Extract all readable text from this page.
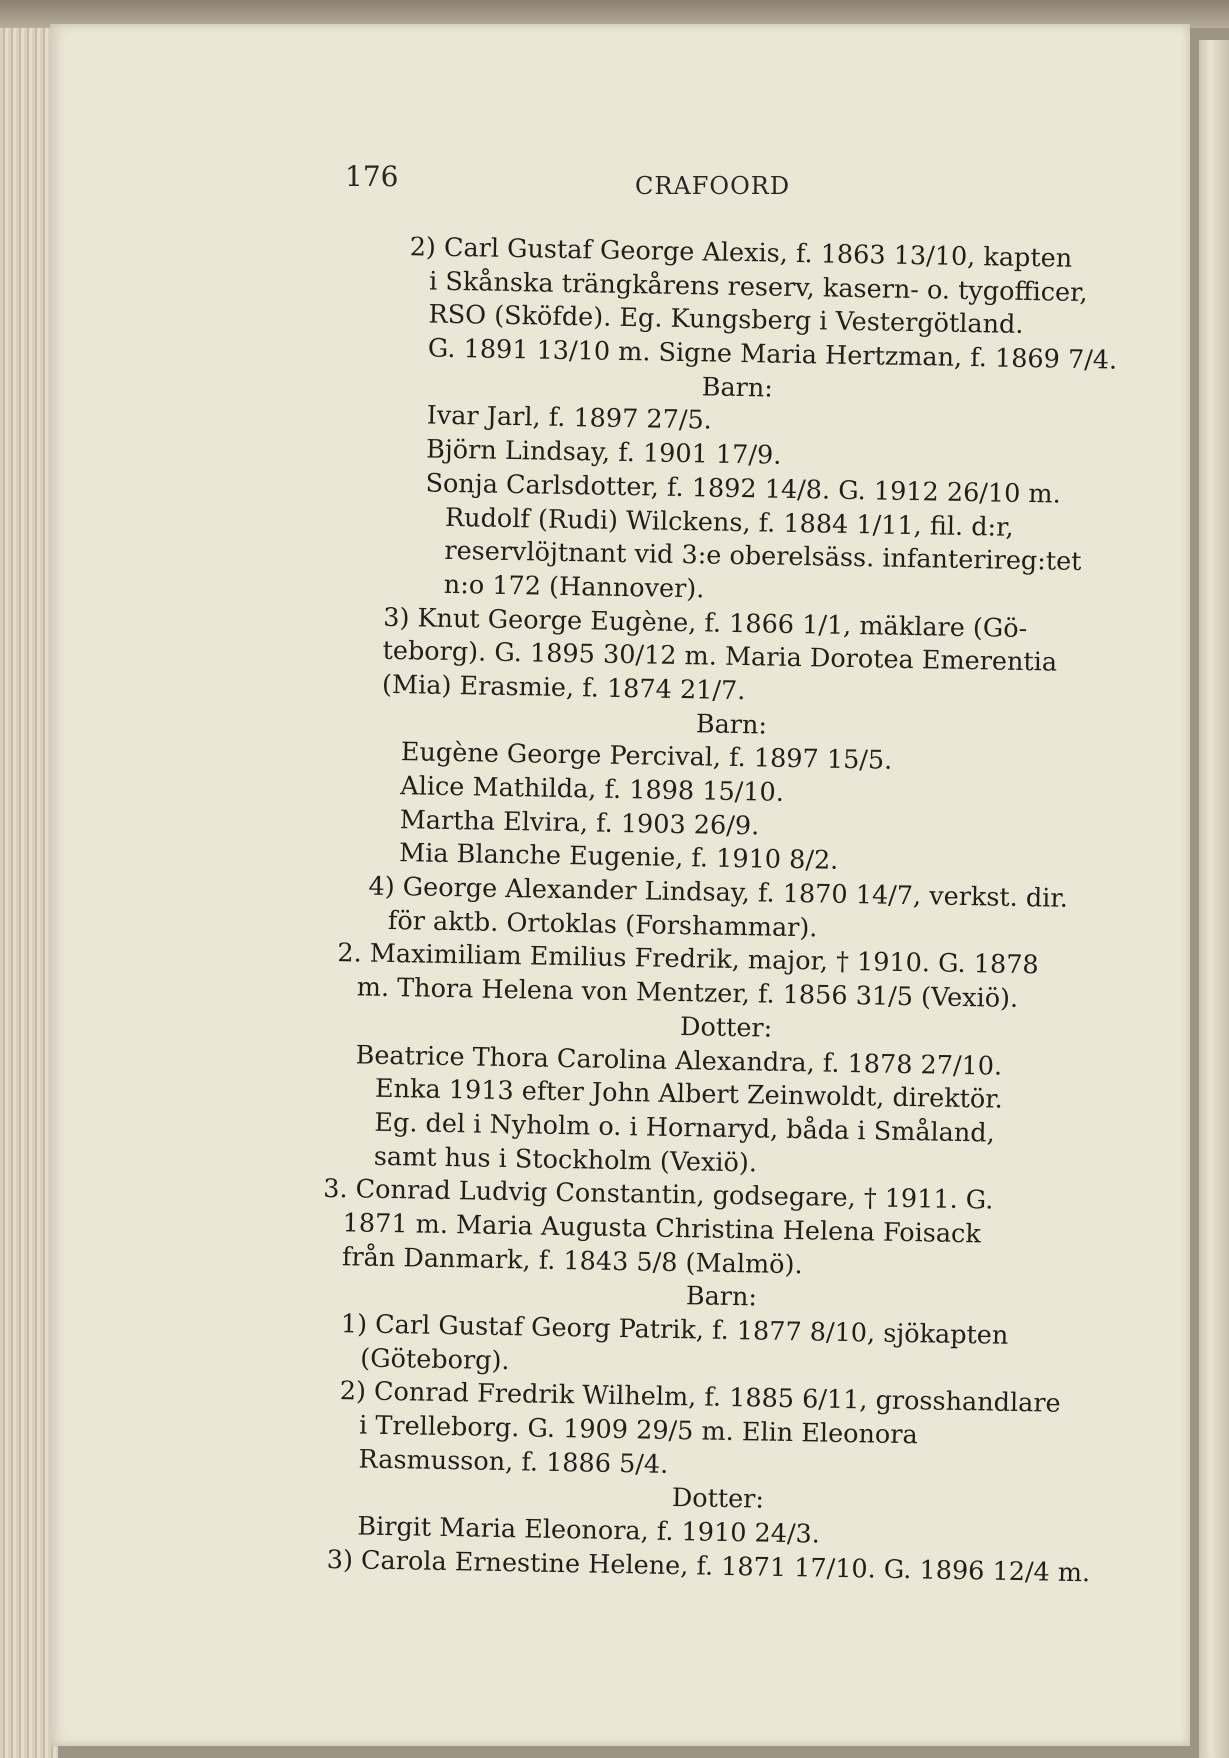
176	CRAFOORD
2) Carl Gustaf George Alexis, f. 1863 13/10, kapten
i Skånska trängkårens reserv, kasern- o. tygofficer,
RSO (Sköfde). Eg. Kungsberg i Vestergötland.
G. 1891 13/10 m. Signe Maria Hertzman, f. 1869 7/4.
Barn:
Ivar Jarl, f. 1897 27/5.
Björn Lindsay, f. 1901 17/9.
Sonja Carlsdotter, f. 1892 14/8. G. 1912 26/10 m.
Rudolf (Rudi) Wilckens, f. 1884 1/11, fil. d:r,
reservlöjtnant vid 3:e oberelsäss. infanterireg:tet
n:o 172 (Hannover).
3) Knut George Eugène, f. 1866 1/1, mäklare (Gö-
teborg). G. 1895 30/12 m. Maria Dorotea Emerentia
(Mia) Erasmie, f. 1874 21/7.
Barn:
Eugène George Percival, f. 1897 15/5.
Alice Mathilda, f. 1898 15/10.
Martha Elvira, f. 1903 26/9.
Mia Blanche Eugenie, f. 1910 8/2.
4) George Alexander Lindsay, f. 1870 14/7, verkst. dir.
för aktb. Ortoklas (Forshammar).
2. Maximiliam Emilius Fredrik, major, † 1910. G. 1878
m. Thora Helena von Mentzer, f. 1856 31/5 (Vexiö).
Dotter:
Beatrice Thora Carolina Alexandra, f. 1878 27/10.
Enka 1913 efter John Albert Zeinwoldt, direktör.
Eg. del i Nyholm o. i Hornaryd, båda i Småland,
samt hus i Stockholm (Vexiö).
3. Conrad Ludvig Constantin, godsegare, † 1911. G.
1871 m. Maria Augusta Christina Helena Foisack
från Danmark, f. 1843 5/8 (Malmö).
Barn:
1) Carl Gustaf Georg Patrik, f. 1877 8/10, sjökapten
(Göteborg).
2) Conrad Fredrik Wilhelm, f. 1885 6/11, grosshandlare
i Trelleborg. G. 1909 29/5 m. Elin Eleonora
Rasmusson, f. 1886 5/4.
Dotter:
Birgit Maria Eleonora, f. 1910 24/3.
3) Carola Ernestine Helene, f. 1871 17/10. G. 1896 12/4 m.
